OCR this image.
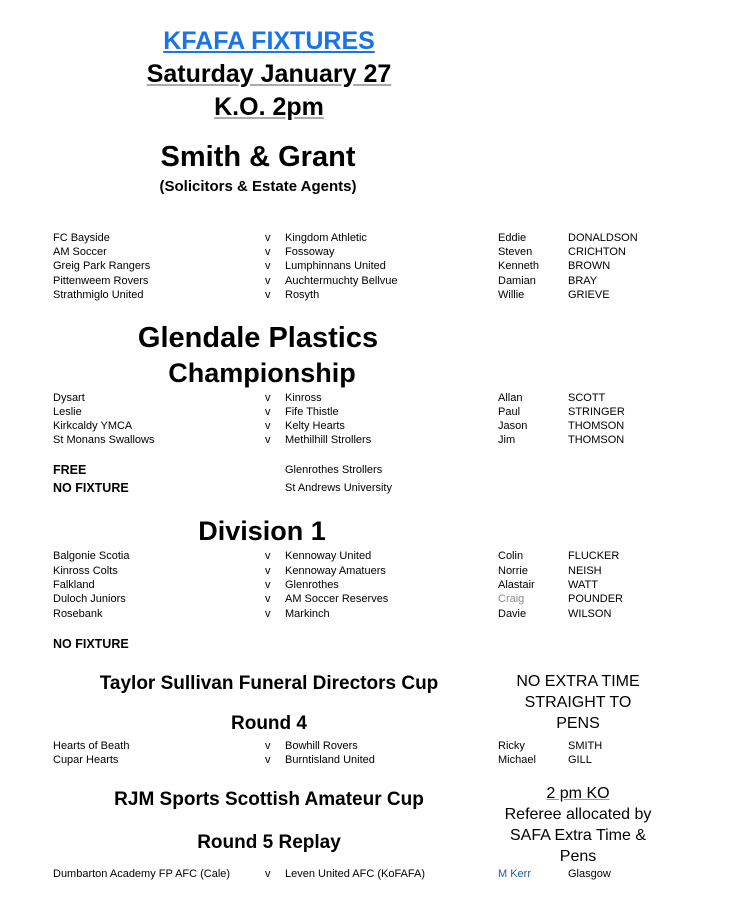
KFAFA FIXTURES
Saturday January 27
K.O. 2pm
Smith & Grant
(Solicitors & Estate Agents)
FC Bayside	v Kingdom Athletic	Eddie	DONALDSON
AM Soccer	v Fossoway	Steven	CRICHTON
Greig Park Rangers	v Lumphinnans United	Kenneth	BROWN
Pittenweem Rovers	v Auchtermuchty Bellvue	Damian	BRAY
Strathmiglo United	v Rosyth	Willie	GRIEVE
Glendale Plastics
Championship
Dysart	v Kinross	Allan	SCOTT
Leslie	v Fife Thistle	Paul	STRINGER
Kirkcaldy YMCA	v Kelty Hearts	Jason	THOMSON
St Monans Swallows	v Methilhill Strollers	Jim	THOMSON
FREE	Glenrothes Strollers
NO FIXTURE	St Andrews University
Division 1
Balgonie Scotia	v Kennoway United	Colin	FLUCKER
Kinross Colts	v Kennoway Amatuers	Norrie	NEISH
Falkland	v Glenrothes	Alastair	WATT
Duloch Juniors	v AM Soccer Reserves	Craig	POUNDER
Rosebank	v Markinch	Davie	WILSON
NO FIXTURE
Taylor Sullivan Funeral Directors Cup
Round 4
NO EXTRA TIME
STRAIGHT TO
PENS
Hearts of Beath	v Bowhill Rovers	Ricky	SMITH
Cupar Hearts	v Burntisland United	Michael	GILL
RJM Sports Scottish Amateur Cup
Round 5 Replay
2 pm KO
Referee allocated by
SAFA Extra Time &
Pens
Dumbarton Academy FP AFC (Cale)	v Leven United AFC (KoFAFA)	M Kerr	Glasgow
